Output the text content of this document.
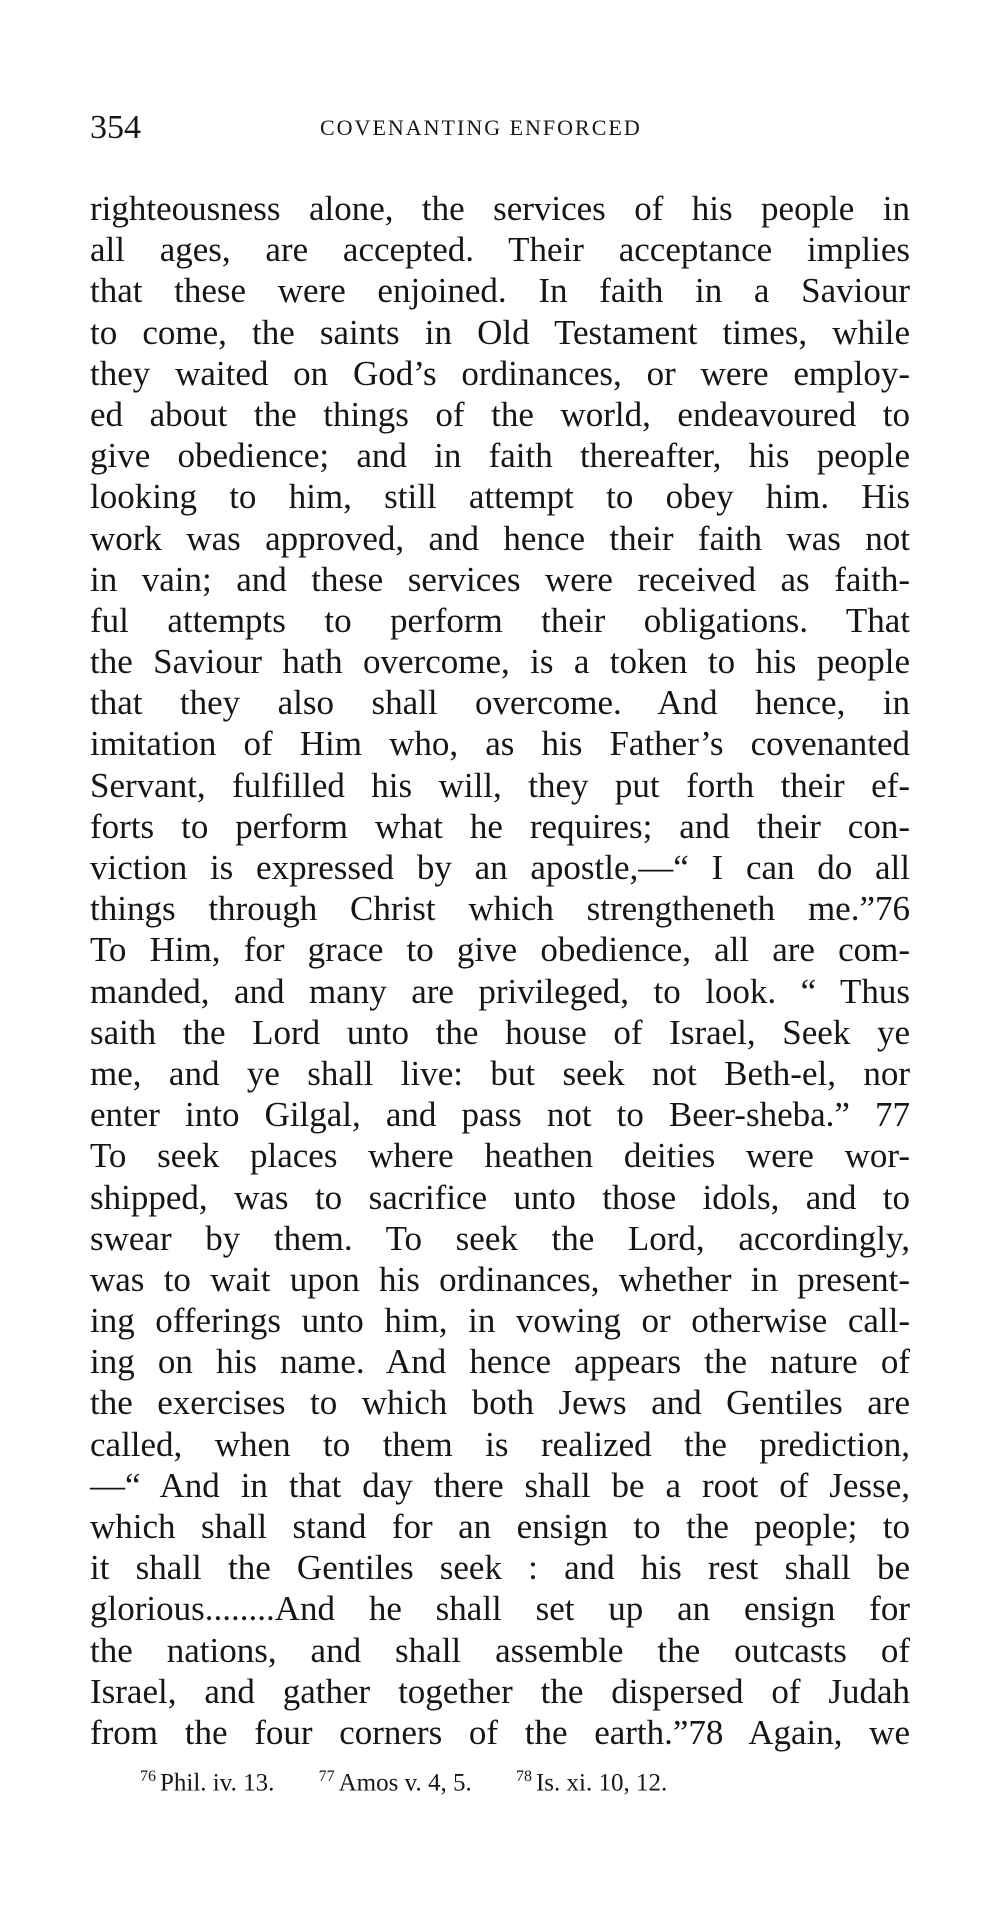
354	COVENANTING ENFORCED
righteousness alone, the services of his people in
all ages, are accepted. Their acceptance implies
that these were enjoined. In faith in a Saviour
to come, the saints in Old Testament times, while
they waited on God’s ordinances, or were employ-
ed about the things of the world, endeavoured to
give obedience; and in faith thereafter, his people
looking to him, still attempt to obey him. His
work was approved, and hence their faith was not
in vain; and these services were received as faith-
ful attempts to perform their obligations. That
the Saviour hath overcome, is a token to his people
that they also shall overcome. And hence, in
imitation of Him who, as his Father’s covenanted
Servant, fulfilled his will, they put forth their ef-
forts to perform what he requires; and their con-
viction is expressed by an apostle,—“ I can do all
things through Christ which strengtheneth me.”76
To Him, for grace to give obedience, all are com-
manded, and many are privileged, to look. “ Thus
saith the Lord unto the house of Israel, Seek ye
me, and ye shall live: but seek not Beth-el, nor
enter into Gilgal, and pass not to Beer-sheba.” 77
To seek places where heathen deities were wor-
shipped, was to sacrifice unto those idols, and to
swear by them. To seek the Lord, accordingly,
was to wait upon his ordinances, whether in present-
ing offerings unto him, in vowing or otherwise call-
ing on his name. And hence appears the nature of
the exercises to which both Jews and Gentiles are
called, when to them is realized the prediction,
—“ And in that day there shall be a root of Jesse,
which shall stand for an ensign to the people; to
it shall the Gentiles seek : and his rest shall be
glorious........And he shall set up an ensign for
the nations, and shall assemble the outcasts of
Israel, and gather together the dispersed of Judah
from the four corners of the earth.”78 Again, we
$^{76}$ Phil. iv. 13.	$^{77}$ Amos v. 4, 5.	$^{78}$ Is. xi. 10, 12.
